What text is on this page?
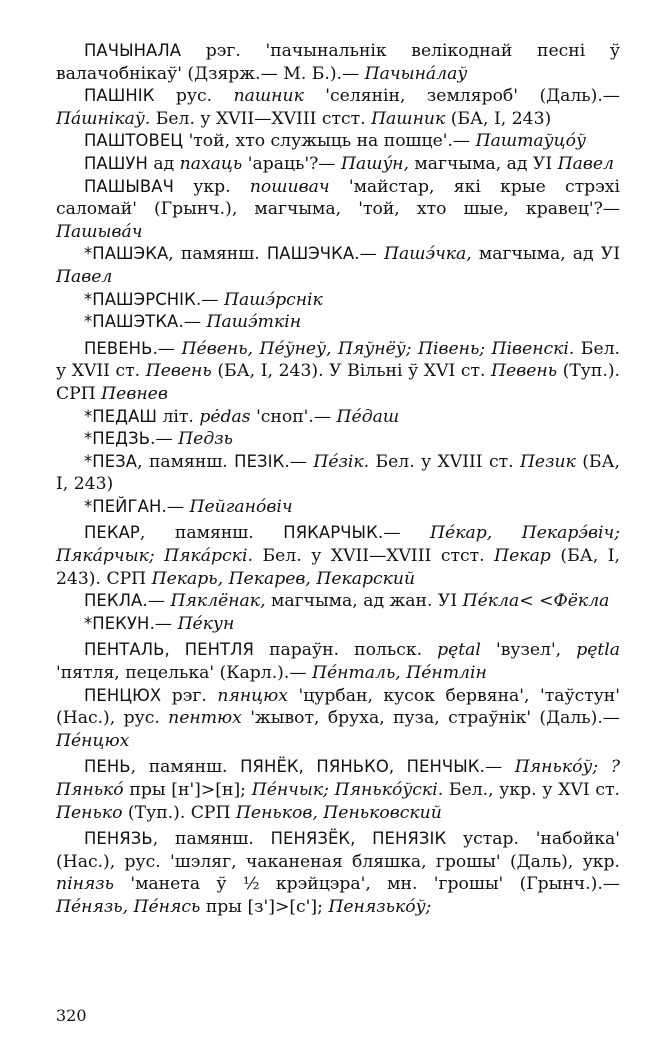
ПАЧЫНАЛА рэг. 'пачынальнік велікоднай песні ў валачобнікаў' (Дзярж.— М. Б.).— Пачынáлаў

ПАШНІК рус. пашник 'селянін, земляроб' (Даль).— Пáшнікаў. Бел. у XVII—XVIII стст. Пашник (БА, I, 243)

ПАШТОВЕЦ 'той, хто служыць на пошце'.— Паштаўцóў

ПАШУН ад пахаць 'араць'?— Пашýн, магчыма, ад УІ Павел

ПАШЫВАЧ укр. пошивач 'майстар, які крые стрэхі саломай' (Грынч.), магчыма, 'той, хто шые, кравец'?— Пашывáч

*ПАШЭКА, памянш. ПАШЭЧКА.— Пашэ́чка, магчыма, ад УІ Павел

*ПАШЭРСНІК.— Пашэ́рснік

*ПАШЭТКА.— Пашэ́ткін

ПЕВЕНЬ.— Пéвень, Пéўнеў, Пяўнёў; Півень; Півенскі. Бел. у XVII ст. Певень (БА, I, 243). У Вільні ў XVI ст. Певень (Туп.). СРП Певнев

*ПЕДАШ літ. pėdas 'сноп'.— Пéдаш

*ПЕДЗЬ.— Педзь

*ПЕЗА, памянш. ПЕЗІК.— Пéзік. Бел. у XVIII ст. Пезик (БА, I, 243)

*ПЕЙГАН.— Пейганóвіч

ПЕКАР, памянш. ПЯКАРЧЫК.— Пéкар, Пекарэ́віч; Пякáрчык; Пякáрскі. Бел. у XVII—XVIII стст. Пекар (БА, I, 243). СРП Пекарь, Пекарев, Пекарский

ПЕКЛА.— Пяклёнак, магчыма, ад жан. УІ Пéкла< <Фёкла

*ПЕКУН.— Пéкун

ПЕНТАЛЬ, ПЕНТЛЯ параўн. польск. pętal 'вузел', pętla 'пятля, пецелька' (Карл.).— Пéнталь, Пéнтлін

ПЕНЦЮХ рэг. пянцюх 'цурбан, кусок бервяна', 'таўстун' (Нас.), рус. пентюх 'жывот, бруха, пуза, страўнік' (Даль).— Пéнцюх

ПЕНЬ, памянш. ПЯНЁК, ПЯНЬКО, ПЕНЧЫК.— Пянькóў; ?Пянькó пры [н']>[н]; Пéнчык; Пянькóўскі. Бел., укр. у XVI ст. Пенько (Туп.). СРП Пеньков, Пеньковский

ПЕНЯЗЬ, памянш. ПЕНЯЗЁК, ПЕНЯЗІК устар. 'набойка' (Нас.), рус. 'шэляг, чаканеная бляшка, грошы' (Даль), укр. пінязь 'манета ў ½ крэйцэра', мн. 'грошы' (Грынч.).— Пéнязь, Пéнясь пры [з']>[с']; Пенязькóў;

320
